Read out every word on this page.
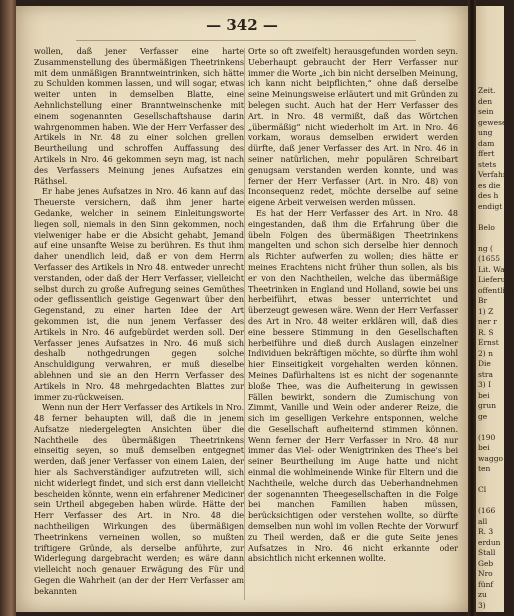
— 342 —

wollen, daß jener Verfasser eine harte Zusammenstellung des übermäßigen Theetrinkens mit dem unmäßigen Branntweintrinken, sich hätte zu Schulden kommen lassen, und will sogar, etwas weiter unten in demselben Blatte, eine Aehnlichstellung einer Branntweinschenke mit einem sogenannten Gesellschaftshause darin wahrgenommen haben. Wie der Herr Verfasser des Artikels in Nr. 48 zu einer solchen grellen Beurtheilung und schroffen Auffassung des Artikels in Nro. 46 gekommen seyn mag, ist nach des Verfassers Meinung jenes Aufsatzes ein Räthsel.

Er habe jenes Aufsatzes in Nro. 46 kann auf das Theuerste versichern, daß ihm jener harte Gedanke, welcher in seinem Einleitungsworte liegen soll, niemals in den Sinn gekommen, noch vielweniger habe er die Absicht gehabt, Jemand auf eine unsanfte Weise zu berühren. Es thut ihm daher unendlich leid, daß er von dem Herrn Verfasser des Artikels in Nro 48. entweder unrecht verstanden, oder daß der Herr Verfasser, vielleicht selbst durch zu große Aufregung seines Gemüthes oder geflissentlich geistige Gegenwart über den Gegenstand, zu einer harten Idee der Art gekommen ist, die nun jenem Verfasser des Artikels in Nro. 46 aufgebürdet werden soll. Der Verfasser jenes Aufsatzes in Nro. 46 muß sich deshalb nothgedrungen gegen solche Anschuldigung verwahren, er muß dieselbe ablehnen und sie an den Herrn Verfasser des Artikels in Nro. 48 mehrgedachten Blattes zur immer zu-rückweisen.

Wenn nun der Herr Verfasser des Artikels in Nro. 48 ferner behaupten will, daß die in jenem Aufsatze niedergelegten Ansichten über die Nachtheile des übermäßigen Theetrinkens einseitig seyen, so muß demselben entgegnet werden, daß jener Verfasser von einem Laien, der hier als Sachverständiger aufzutreten will, sich nicht widerlegt findet, und sich erst dann vielleicht bescheiden könnte, wenn ein erfahrener Mediciner sein Urtheil abgegeben haben würde. Hätte der Herr Verfasser des Art. in Nro. 48 die nachtheiligen Wirkungen des übermäßigen Theetrinkens verneinen wollen, so mußten triftigere Gründe, als derselbe anführte, zur Widerlegung dargebracht werden; es wäre dann vielleicht noch genauer Erwägung des Für und Gegen die Wahrheit (an der der Herr Verfasser am bekannten

Orte so oft zweifelt) herausgefunden worden seyn. Ueberhaupt gebraucht der Herr Verfasser nur immer die Worte „ich bin nicht derselben Meinung, ich kann nicht beipflichten,“ ohne daß derselbe seine Meinungsweise erläutert und mit Gründen zu belegen sucht. Auch hat der Herr Verfasser des Art. in Nro. 48 vermißt, daß das Wörtchen „übermäßig“ nicht wiederholt im Art. in Nro. 46 vorkam, woraus demselben erwidert werden dürfte, daß jener Verfasser des Art. in Nro. 46 in seiner natürlichen, mehr populären Schreibart genugsam verstanden werden konnte, und was ferner der Herr Verfasser (Art. in Nro. 48) von Inconsequenz redet, möchte derselbe auf seine eigene Arbeit verweisen werden müssen.

Es hat der Herr Verfasser des Art. in Nro. 48 eingestanden, daß ihm die Erfahrung über die übeln Folgen des übermäßigen Theetrinkens mangelten und schon sich derselbe hier dennoch als Richter aufwerfen zu wollen; dies hätte er meines Erachtens nicht früher thun sollen, als bis er von den Nachtheilen, welche das übermäßige Theetrinken in England und Holland, sowie bei uns herbeiführt, etwas besser unterrichtet und überzeugt gewesen wäre. Wenn der Herr Verfasser des Art in Nro. 48 weiter erklären will, daß dies eine bessere Stimmung in den Gesellschaften herbeiführe und dieß durch Auslagen einzelner Individuen bekräftigen möchte, so dürfte ihm wohl hier Einseitigkeit vorgehalten werden können. Meines Dafürhaltens ist es nicht der sogenannte bloße Thee, was die Aufheiterung in gewissen Fällen bewirkt, sondern die Zumischung von Zimmt, Vanille und Wein oder anderer Reize, die sich im geselligen Verkehre entsponnen, welche die Gesellschaft aufheiternd stimmen können. Wenn ferner der Herr Verfasser in Nro. 48 nur immer das Viel- oder Wenigtrinken des Thee's bei seiner Beurtheilung im Auge hatte und nicht einmal die wohlmeinende Winke für Eltern und die Nachtheile, welche durch das Ueberhandnehmen der sogenannten Theegesellschaften in die Folge bei manchen Familien haben müssen, berücksichtigen oder verstehen wollte, so dürfte demselben nun wohl im vollen Rechte der Vorwurf zu Theil werden, daß er die gute Seite jenes Aufsatzes in Nro. 46 nicht erkannte oder absichtlich nicht erkennen wollte.

Zeit.
den
sein
gewesen
ung
dam
ffert
stets
Verfahr
es die
des h
endigt

Belo

ng (
(1655
Lit. Wa
Lieferun
offentlich
Br
1) Z
ner r
R. S
Ernst
2) n
Die
stra
3) I
bei
grun
ge

(190
bei
waggo
ten

Cl

(166
all
R. 3
erdun
Stall
Geb
Nro
fünf
zu
3)
